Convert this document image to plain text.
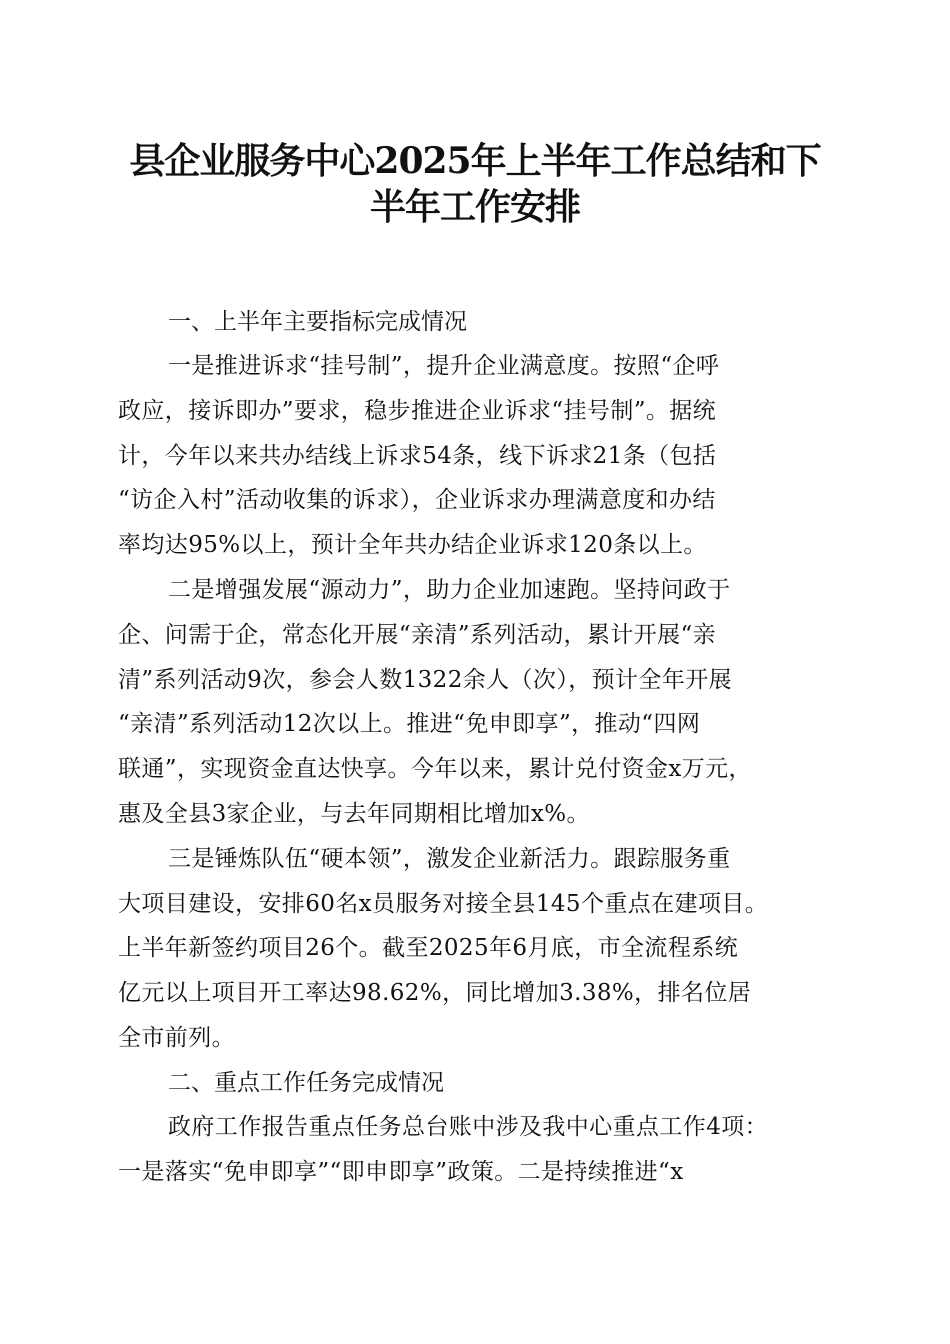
县企业服务中心2025年上半年工作总结和下
半年工作安排
一、上半年主要指标完成情况

一是推进诉求“挂号制”，提升企业满意度。按照“企呼
政应，接诉即办”要求，稳步推进企业诉求“挂号制”。据统
计，今年以来共办结线上诉求54条，线下诉求21条（包括
“访企入村”活动收集的诉求），企业诉求办理满意度和办结
率均达95%以上，预计全年共办结企业诉求120条以上。

二是增强发展“源动力”，助力企业加速跑。坚持问政于
企、问需于企，常态化开展“亲清”系列活动，累计开展“亲
清”系列活动9次，参会人数1322余人（次），预计全年开展
“亲清”系列活动12次以上。推进“免申即享”，推动“四网
联通”，实现资金直达快享。今年以来，累计兑付资金x万元，
惠及全县3家企业，与去年同期相比增加x%。

三是锤炼队伍“硬本领”，激发企业新活力。跟踪服务重
大项目建设，安排60名x员服务对接全县145个重点在建项目。
上半年新签约项目26个。截至2025年6月底，市全流程系统
亿元以上项目开工率达98.62%，同比增加3.38%，排名位居
全市前列。

二、重点工作任务完成情况

政府工作报告重点任务总台账中涉及我中心重点工作4项：
一是落实“免申即享”“即申即享”政策。二是持续推进“x
